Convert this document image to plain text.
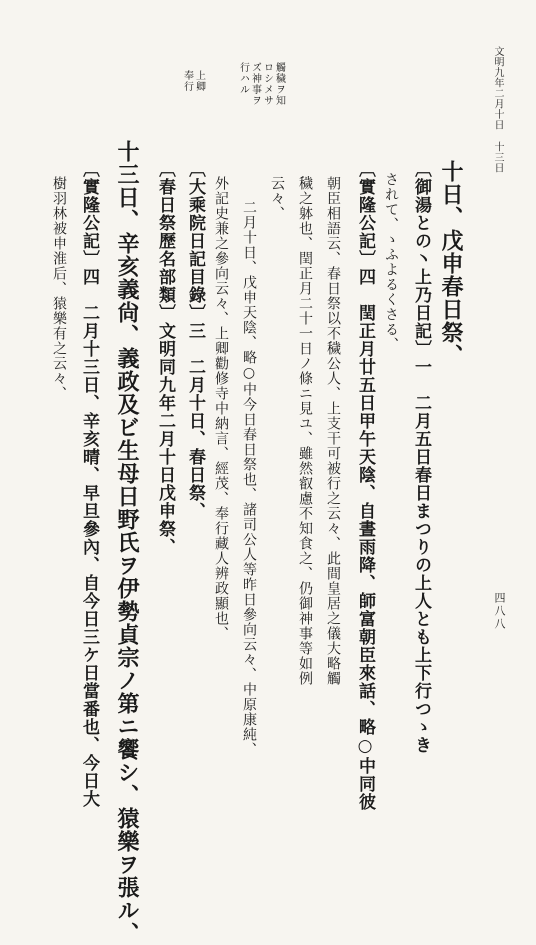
文明九年二月十日 十三日
觸穢ヲ知
ロシメサ
ズ神事ヲ
行ハル
上卿
奉行
十日、戊申春日祭、
〔御湯との丶上乃日記〕一　二月五日春日まつりの上人とも上下行つゝき
されて、ゝふよるくさる、
〔實隆公記〕四　閏正月廿五日甲午天陰、自晝雨降、師富朝臣來話、略○中同彼
朝臣相語云、春日祭以不穢公人、上支干可被行之云々、此間皇居之儀大略觸
穢之躰也、閏正月二十一日ノ條ニ見ユ、雖然叡慮不知食之、仍御神事等如例
云々、
二月十日、戊申天陰、略○中今日春日祭也、諸司公人等昨日參向云々、中原康純、
外記史兼之參向云々、上卿勸修寺中納言、經茂、奉行藏人辨政顯也、
〔大乘院日記目錄〕三　二月十日、春日祭、
〔春日祭歷名部類〕文明同九年二月十日戊申祭、
十三日、辛亥義尙、義政及ビ生母日野氏ヲ伊勢貞宗ノ第ニ饗シ、猿樂ヲ張ル、
〔實隆公記〕四　二月十三日、辛亥晴、早旦參內、自今日三ケ日當番也、今日大
樹羽林被申淮后、猿樂有之云々、
四八八
